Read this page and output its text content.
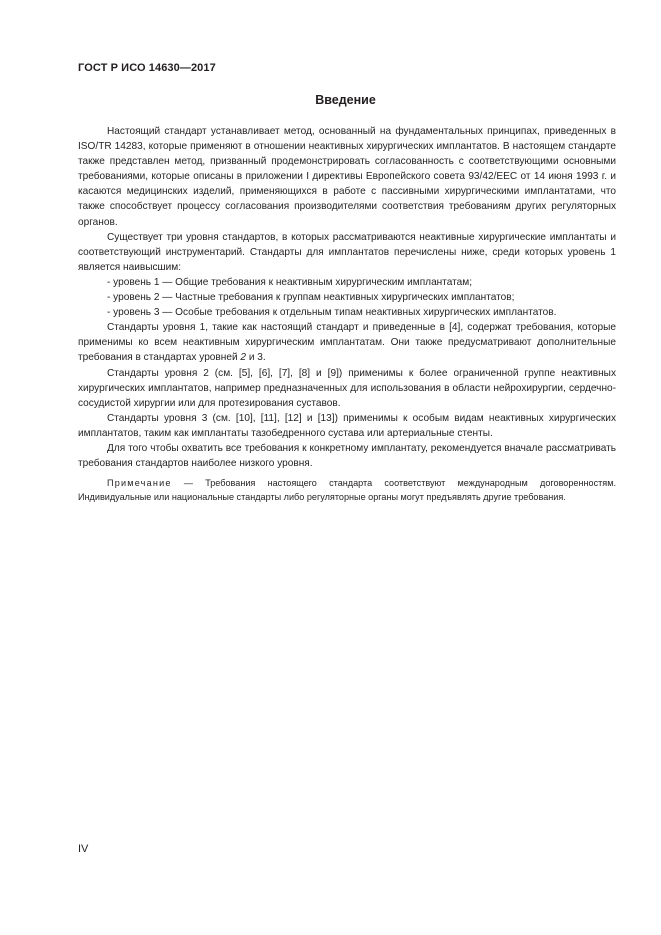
ГОСТ Р ИСО 14630—2017
Введение

Настоящий стандарт устанавливает метод, основанный на фундаментальных принципах, приведенных в ISO/TR 14283, которые применяют в отношении неактивных хирургических имплантатов. В настоящем стандарте также представлен метод, призванный продемонстрировать согласованность с соответствующими основными требованиями, которые описаны в приложении I директивы Европейского совета 93/42/EEC от 14 июня 1993 г. и касаются медицинских изделий, применяющихся в работе с пассивными хирургическими имплантатами, что также способствует процессу согласования производителями соответствия требованиям других регуляторных органов.

Существует три уровня стандартов, в которых рассматриваются неактивные хирургические имплантаты и соответствующий инструментарий. Стандарты для имплантатов перечислены ниже, среди которых уровень 1 является наивысшим:

- уровень 1 — Общие требования к неактивным хирургическим имплантатам;

- уровень 2 — Частные требования к группам неактивных хирургических имплантатов;

- уровень 3 — Особые требования к отдельным типам неактивных хирургических имплантатов.

Стандарты уровня 1, такие как настоящий стандарт и приведенные в [4], содержат требования, которые применимы ко всем неактивным хирургическим имплантатам. Они также предусматривают дополнительные требования в стандартах уровней 2 и 3.

Стандарты уровня 2 (см. [5], [6], [7], [8] и [9]) применимы к более ограниченной группе неактивных хирургических имплантатов, например предназначенных для использования в области нейрохирургии, сердечно-сосудистой хирургии или для протезирования суставов.

Стандарты уровня 3 (см. [10], [11], [12] и [13]) применимы к особым видам неактивных хирургических имплантатов, таким как имплантаты тазобедренного сустава или артериальные стенты.

Для того чтобы охватить все требования к конкретному имплантату, рекомендуется вначале рассматривать требования стандартов наиболее низкого уровня.

Примечание — Требования настоящего стандарта соответствуют международным договоренностям. Индивидуальные или национальные стандарты либо регуляторные органы могут предъявлять другие требования.

IV
